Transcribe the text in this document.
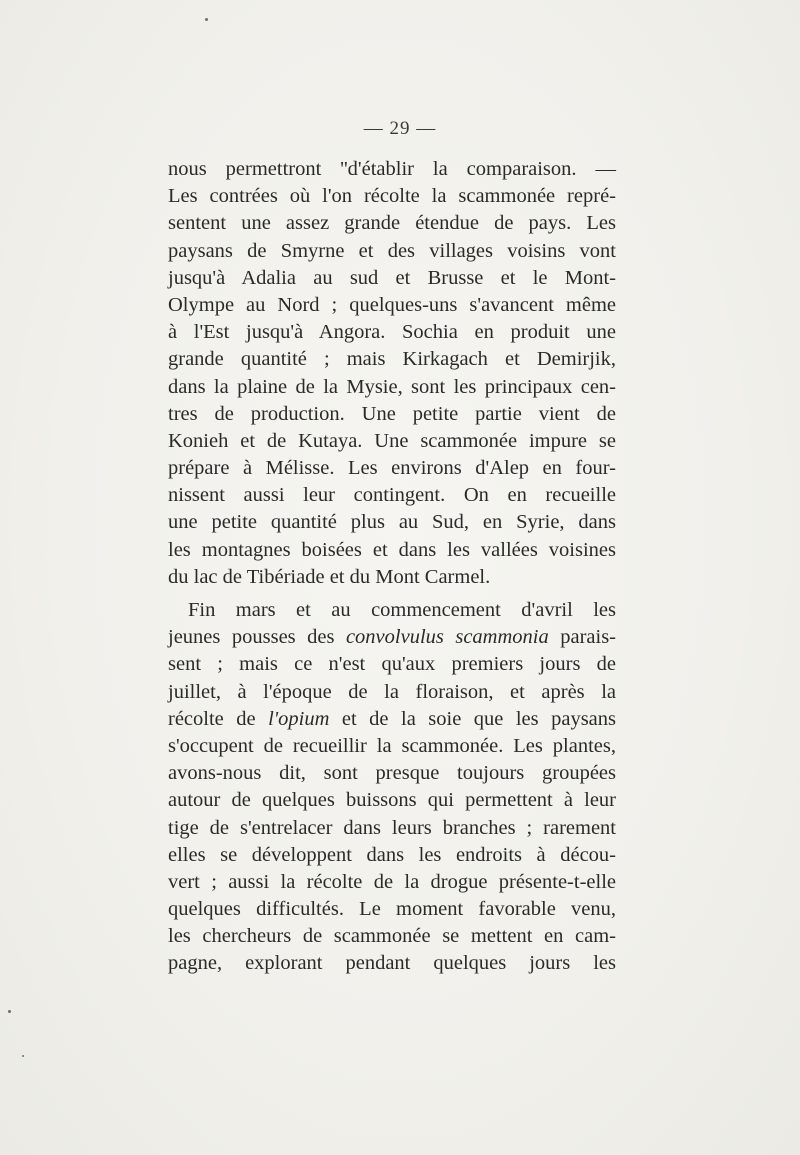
— 29 —
nous permettront ''d'établir la comparaison. —
Les contrées où l'on récolte la scammonée repré-
sentent une assez grande étendue de pays. Les
paysans de Smyrne et des villages voisins vont
jusqu'à Adalia au sud et Brusse et le Mont-
Olympe au Nord ; quelques-uns s'avancent même
à l'Est jusqu'à Angora. Sochia en produit une
grande quantité ; mais Kirkagach et Demirjik,
dans la plaine de la Mysie, sont les principaux cen-
tres de production. Une petite partie vient de
Konieh et de Kutaya. Une scammonée impure se
prépare à Mélisse. Les environs d'Alep en four-
nissent aussi leur contingent. On en recueille
une petite quantité plus au Sud, en Syrie, dans
les montagnes boisées et dans les vallées voisines
du lac de Tibériade et du Mont Carmel.
Fin mars et au commencement d'avril les
jeunes pousses des convolvulus scammonia parais-
sent ; mais ce n'est qu'aux premiers jours de
juillet, à l'époque de la floraison, et après la
récolte de l'opium et de la soie que les paysans
s'occupent de recueillir la scammonée. Les plantes,
avons-nous dit, sont presque toujours groupées
autour de quelques buissons qui permettent à leur
tige de s'entrelacer dans leurs branches ; rarement
elles se développent dans les endroits à décou-
vert ; aussi la récolte de la drogue présente-t-elle
quelques difficultés. Le moment favorable venu,
les chercheurs de scammonée se mettent en cam-
pagne, explorant pendant quelques jours les
